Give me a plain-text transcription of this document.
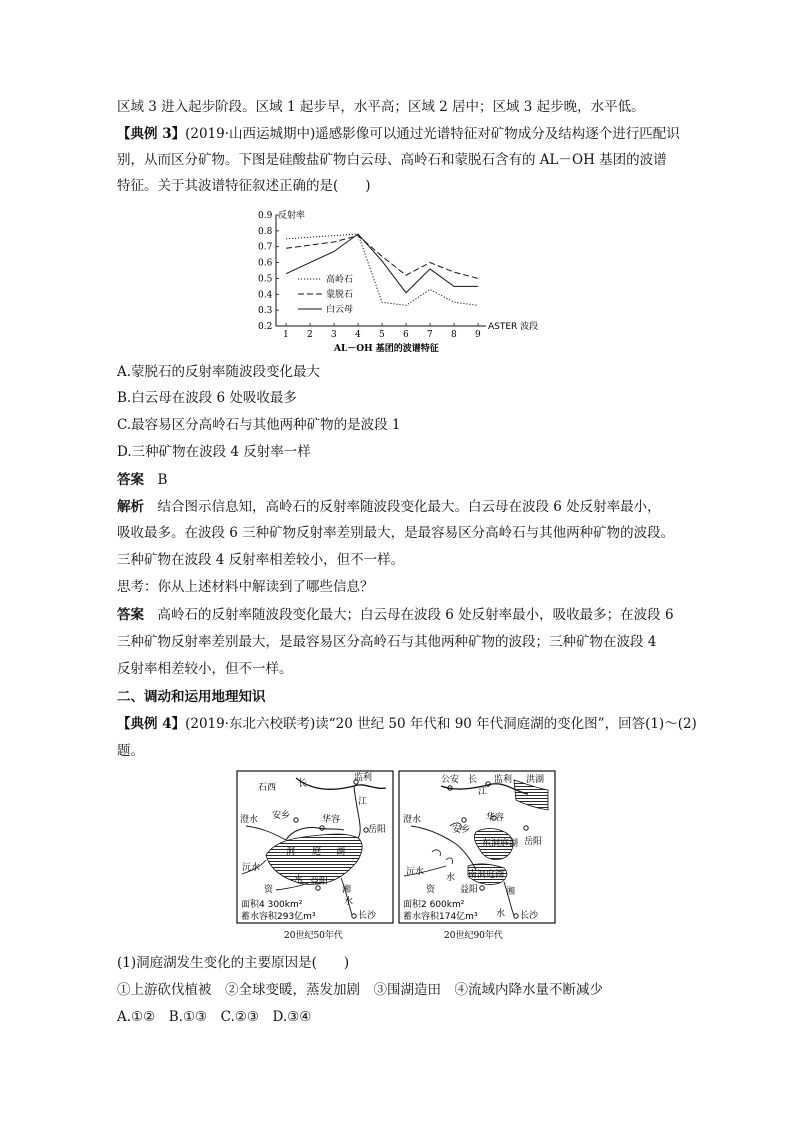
区域 3 进入起步阶段。区域 1 起步早，水平高；区域 2 居中；区域 3 起步晚，水平低。
【典例 3】(2019·山西运城期中)遥感影像可以通过光谱特征对矿物成分及结构逐个进行匹配识
别，从而区分矿物。下图是硅酸盐矿物白云母、高岭石和蒙脱石含有的 AL－OH 基团的波谱
特征。关于其波谱特征叙述正确的是(　　)
0.9
0.8
0.7
0.6
0.5
0.4
0.3
0.2
1 2 3 4 5 6 7 8 9
反射率
ASTER 波段
AL－OH 基团的波谱特征
高岭石
蒙脱石
白云母
A.蒙脱石的反射率随波段变化最大
B.白云母在波段 6 处吸收最多
C.最容易区分高岭石与其他两种矿物的是波段 1
D.三种矿物在波段 4 反射率一样
答案　 B
解析　 结合图示信息知，高岭石的反射率随波段变化最大。白云母在波段 6 处反射率最小，
吸收最多。在波段 6 三种矿物反射率差别最大，是最容易区分高岭石与其他两种矿物的波段。
三种矿物在波段 4 反射率相差较小，但不一样。
思考：你从上述材料中解读到了哪些信息？
答案　 高岭石的反射率随波段变化最大；白云母在波段 6 处反射率最小，吸收最多；在波段 6
三种矿物反射率差别最大，是最容易区分高岭石与其他两种矿物的波段；三种矿物在波段 4
反射率相差较小，但不一样。
二、调动和运用地理知识
【典例 4】(2019·东北六校联考)读“20 世纪 50 年代和 90 年代洞庭湖的变化图”，回答(1)～(2)
题。
石西 长
监利
江
澄水 安乡	华容
岳阳
洞 庭 湖
沅水
资
水 益阳
湘
水
长沙
面积4 300km²
蓄水容积293亿m³
20世纪50年代
公安 长
江
监利 洪湖
澄水
安乡
华容
东洞庭湖 岳阳
沅水
水 南洞庭湖
资	益阳	湘
水 长沙
面积2 600km²
蓄水容积174亿m³
20世纪90年代
(1)洞庭湖发生变化的主要原因是(　　)
①上游砍伐植被　②全球变暖，蒸发加剧　③围湖造田　④流域内降水量不断减少
A.①②　B.①③　C.②③　D.③④
